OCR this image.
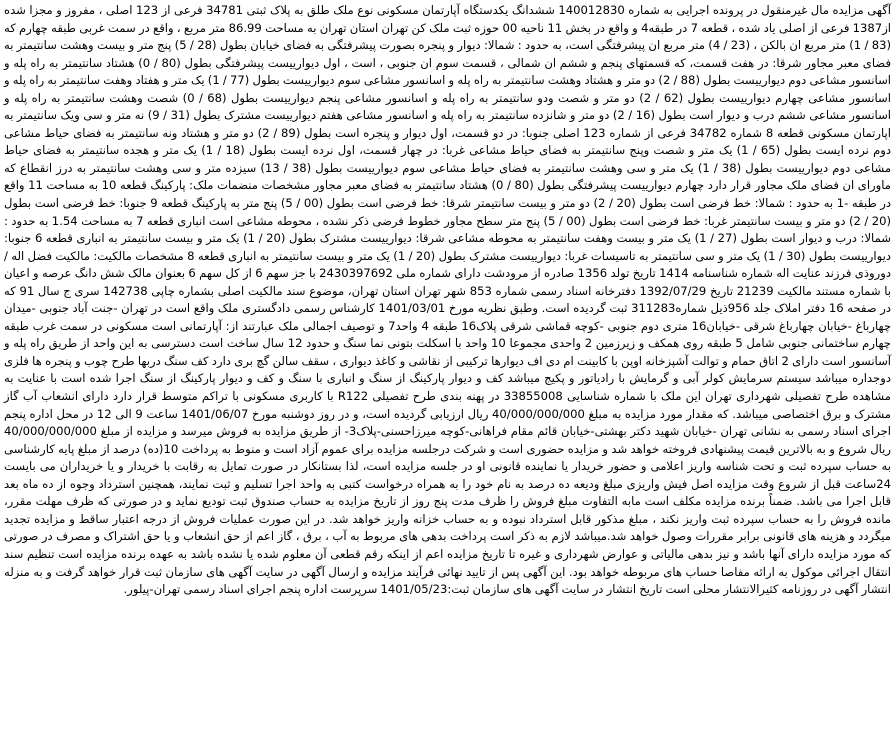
آگهی مزایده مال غیرمنقول در پرونده اجرایی به شماره 140012830 ششدانگ یکدستگاه آپارتمان مسکونی نوع ملک طلق به پلاک ثبتی 34781 فرعی از 123 اصلی ، مفروز و مجزا شده از1387 فرعی از اصلی یاد شده ، قطعه 7 در طبقه4 و واقع در بخش 11 ناحیه 00 حوزه ثبت ملک کن تهران استان تهران به مساحت 86.99 متر مربع ، واقع در سمت غربی طبقه چهارم که (83 / 1) متر مربع ان بالکن ، (23 / 4) متر مربع ان پیشرفتگی است، به حدود : شمالا: دیوار و پنجره بصورت پیشرفتگی به فضای خیابان بطول (28 / 5) پنج متر و بیست وهشت سانتیمتر به فضای معبر مجاور شرقا: در هفت قسمت، که قسمتهای پنجم و ششم ان شمالی ، قسمت سوم ان جنوبی ، است ، اول دیوارییست پیشرفتگی بطول (80 / 0) هشتاد سانتیمتر به راه پله و اسانسور مشاعی دوم دیوارییست بطول (88 / 2) دو متر و هشتاد وهشت سانتیمتر به راه پله و اسانسور مشاعی سوم دیوارییست بطول (77 / 1) یک متر و هفتاد وهفت سانتیمتر به راه پله و اسانسور مشاعی چهارم دیوارییست بطول (62 / 2) دو متر و شصت ودو سانتیمتر به راه پله و اسانسور مشاعی پنجم دیوارییست بطول (68 / 0) شصت وهشت سانتیمتر به راه پله و اسانسور مشاعی ششم درب و دیوار است بطول (16 / 2) دو متر و شانزده سانتیمتر به راه پله و اسانسور مشاعی هفتم دیوارییست مشترک بطول (31 / 9) نه متر و سی ویک سانتیمتر به اپارتمان مسکونی قطعه 8 شماره 34782 فرعی از شماره 123 اصلی جنوبا: در دو قسمت، اول دیوار و پنجره است بطول (89 / 2) دو متر و هشتاد ونه سانتیمتر به فضای حیاط مشاعی دوم نرده ایست بطول (65 / 1) یک متر و شصت وپنج سانتیمتر به فضای حیاط مشاعی غربا: در چهار قسمت، اول نرده ایست بطول (18 / 1) یک متر و هجده سانتیمتر به فضای حیاط مشاعی دوم دیوارییست بطول (38 / 1) یک متر و سی وهشت سانتیمتر به فضای حیاط مشاعی سوم دیوارییست بطول (38 / 13) سیزده متر و سی وهشت سانتیمتر به درز انقطاع که ماورای ان فضای ملک مجاور قرار دارد چهارم دیوارییست پیشرفتگی بطول (80 / 0) هشتاد سانتیمتر به فضای معبر مجاور مشخصات منضمات ملک: پارکینگ قطعه 10 به مساحت 11 واقع در طبقه -1 به حدود : شمالا: خط فرضی است بطول (20 / 2) دو متر و بیست سانتیمتر شرقا: خط فرضی است بطول (00 / 5) پنج متر به پارکینگ قطعه 9 جنوبا: خط فرضی است بطول (20 / 2) دو متر و بیست سانتیمتر غربا: خط فرضی است بطول (00 / 5) پنج متر سطح مجاور خطوط فرضی ذکر نشده ، محوطه مشاعی است انباری قطعه 7 به مساحت 1.54 به حدود : شمالا: درب و دیوار است بطول (27 / 1) یک متر و بیست وهفت سانتیمتر به محوطه مشاعی شرقا: دیوارییست مشترک بطول (20 / 1) یک متر و بیست سانتیمتر به انباری قطعه 6 جنوبا: دیوارییست بطول (30 / 1) یک متر و سی سانتیمتر به تاسیسات غربا: دیوارییست مشترک بطول (20 / 1) یک متر و بیست سانتیمتر به انباری قطعه 8 مشخصات مالکیت: مالکیت فضل اله /دوروذی فرزند عنایت اله شماره شناسنامه 1414 تاریخ تولد 1356 صادره از مرودشت دارای شماره ملی 2430397692 با جز سهم 6 از کل سهم 6 بعنوان مالک شش دانگ عرصه و اعیان با شماره مستند مالکیت 21239 تاریخ 1392/07/29 دفترخانه اسناد رسمی شماره 853 شهر تهران استان تهران، موضوع سند مالکیت اصلی بشماره چاپی 142738 سری ج سال 91 که در صفحه 16 دفتر املاک جلد 956ذیل شماره311283 ثبت گردیده است. وطبق نظریه مورخ 1401/03/01 کارشناس رسمی دادگستری ملک واقع است در تهران -جنت آباد جنوبی -میدان چهارباغ -خیابان چهارباغ شرقی -خیابان16 متری دوم جنوبی -کوچه قماشی شرقی پلاک16 طبقه 4 واحد7 و توصیف اجمالی ملک عبارتند از: آپارتمانی است مسکونی در سمت غرب طبقه چهارم ساختمانی جنوبی شامل 5 طبقه روی همکف و زیرزمین 2 واحدی مجموعا 10 واحد با اسکلت بتونی نما سنگ و حدود 12 سال ساخت است دسترسی به این واحد از طریق راه پله و آسانسور است دارای 2 اتاق حمام و توالت آشپزخانه اوپن با کابینت ام دی اف دیوارها ترکیبی از نقاشی و کاغذ دیواری ، سقف سالن گچ بری دارد کف سنگ دربها طرح چوب و پنجره ها فلزی دوجداره میباشد سیستم سرمایش کولر آبی و گرمایش با رادیاتور و پکیج میباشد کف و دیوار پارکینگ از سنگ و انباری با سنگ و کف و دیوار پارکینگ از سنگ اجرا شده است با عنایت به مشاهده طرح تفصیلی شهرداری تهران این ملک با شماره شناسایی 33855008 در پهنه بندی طرح تفصیلی R122 با کاربری مسکونی با تراکم متوسط قرار دارد دارای انشعاب آب گاز مشترک و برق اختصاصی میباشد. که مقدار مورد مزایده به مبلغ 40/000/000/000 ریال ارزیابی گردیده است، و در روز دوشنبه مورخ 1401/06/07 ساعت 9 الی 12 در محل اداره پنجم اجرای اسناد رسمی به نشانی تهران -خیابان شهید دکتر بهشتی-خیابان قائم مقام فراهانی-کوچه میرزاحسنی-پلاک3- از طریق مزایده به فروش میرسد و مزایده از مبلغ 40/000/000/000 ریال شروع و به بالاترین قیمت پیشنهادی فروخته خواهد شد و مزایده حضوری است و شرکت درجلسه مزایده برای عموم آزاد است و منوط به پرداخت 10(ده) درصد از مبلغ پایه کارشناسی به حساب سپرده ثبت و تحت شناسه واریز اعلامی و حضور خریدار یا نماینده قانونی او در جلسه مزایده است، لذا بستانکار در صورت تمایل به رقابت با خریدار و یا خریداران می بایست 24ساعت قبل از شروع وقت مزایده اصل فیش واریزی مبلغ ودیعه ده درصد به نام خود را به همراه درخواست کتبی به واحد اجرا تسلیم و ثبت نمایند، همچنین استرداد وجوه از ده ماه بعد قابل اجرا می باشد. ضمناً برنده مزایده مکلف است مابه التفاوت مبلغ فروش را ظرف مدت پنج روز از تاریخ مزایده به حساب صندوق ثبت تودیع نماید و در صورتی که ظرف مهلت مقرر، مانده فروش را به حساب سپرده ثبت واریز نکند ، مبلغ مذکور قابل استرداد نبوده و به حساب خزانه واریز خواهد شد. در این صورت عملیات فروش از درجه اعتبار ساقط و مزایده تجدید میگردد و هزینه های قانونی برابر مقررات وصول خواهد شد.میباشد لازم به ذکر است پرداخت بدهی های مربوط به آب ، برق ، گاز اعم از حق انشعاب و یا حق اشتراک و مصرف در صورتی که مورد مزایده دارای آنها باشد و نیز بدهی مالیاتی و عوارض شهرداری و غیره تا تاریخ مزایده اعم از اینکه رقم قطعی آن معلوم شده یا نشده باشد به عهده برنده مزایده است تنظیم سند انتقال اجرائی موکول به ارائه مفاصا حساب های مربوطه خواهد بود. این آگهی پس از تایید نهائی فرآیند مزایده و ارسال آگهی در سایت آگهی های سازمان ثبت قرار خواهد گرفت و به منزله انتشار آگهی در روزنامه کثیرالانتشار محلی است تاریخ انتشار در سایت آگهی های سازمان ثبت:1401/05/23 سرپرست اداره پنجم اجرای اسناد رسمی تهران-پیلور.
